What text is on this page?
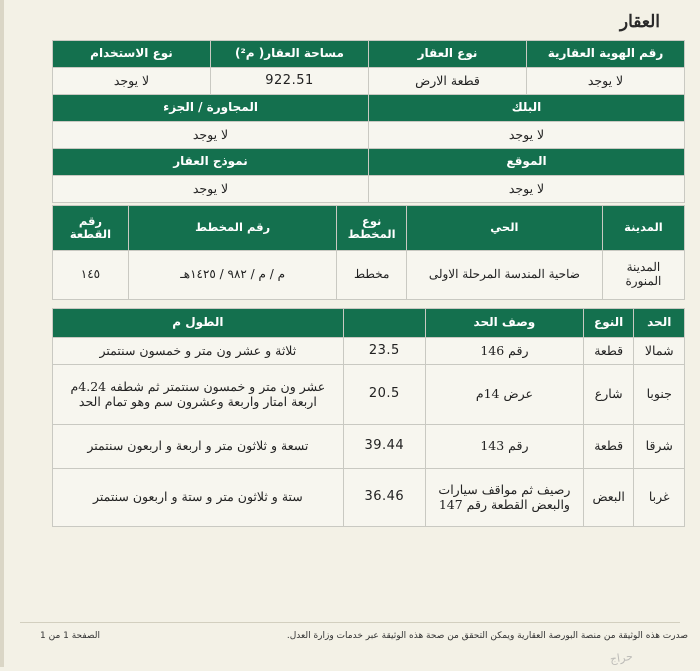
العقار
رقم الهوية العقارية	نوع العقار	مساحة العقار( م²)	نوع الاستخدام
لا يوجد	قطعة الارض	922.51	لا يوجد
البلك		المجاورة / الجزء	
لا يوجد		لا يوجد	
الموقع		نموذج العقار	
لا يوجد		لا يوجد	
المدينة	الحي	نوع المخطط	رقم المخطط	رقم القطعة
المدينة المنورة	ضاحية المندسة المرحلة الاولى	مخطط	م / م / ٩٨٢ / ١٤٢٥هـ	١٤٥
الحد	النوع	وصف الحد		الطول م
شمالا	قطعة	رقم 146	23.5	ثلاثة و عشر ون متر و خمسون سنتمتر
جنوبا	شارع	عرض 14م	20.5	عشر ون متر و خمسون سنتمتر ثم شطفه 4.24م اربعة امتار واربعة وعشرون سم وهو تمام الحد
شرقا	قطعة	رقم 143	39.44	تسعة و ثلاثون متر و اربعة و اربعون سنتمتر
غربا	البعض	رصيف ثم مواقف سيارات والبعض القطعة رقم 147	36.46	ستة و ثلاثون متر و ستة و اربعون سنتمتر
صدرت هذه الوثيقة من منصة البورصة العقارية ويمكن التحقق من صحة هذه الوثيقة عبر خدمات وزارة العدل.
الصفحة 1 من 1
حراج
